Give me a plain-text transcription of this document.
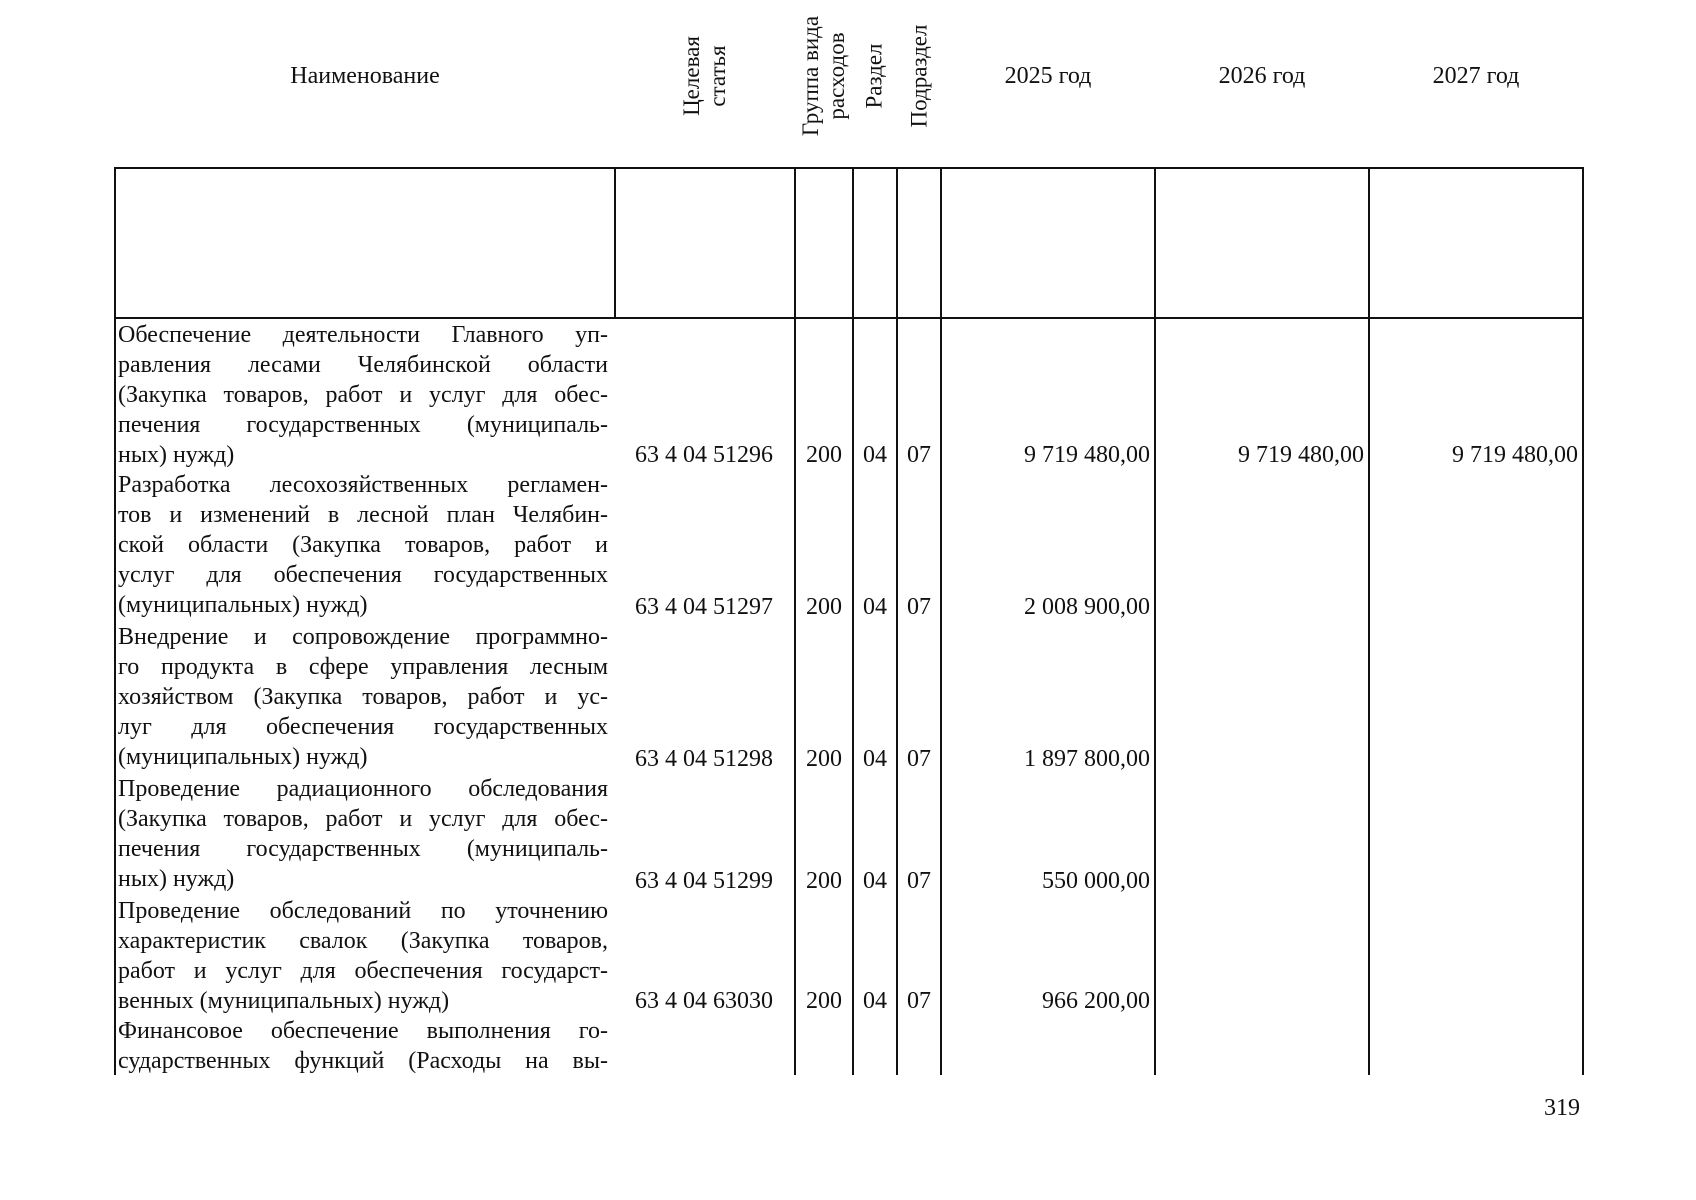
Наименование	Целевая статья	Группа вида расходов Раздел Подраздел	2025 год	2026 год	2027 год
Обеспечение деятельности Главного уп-
равления лесами Челябинской области
(Закупка товаров, работ и услуг для обес-
печения государственных (муниципаль-
ных) нужд)	63 4 04 51296	200 04 07	9 719 480,00	9 719 480,00	9 719 480,00
Разработка лесохозяйственных регламен-
тов и изменений в лесной план Челябин-
ской области (Закупка товаров, работ и
услуг для обеспечения государственных
(муниципальных) нужд)	63 4 04 51297	200 04 07	2 008 900,00
Внедрение и сопровождение программно-
го продукта в сфере управления лесным
хозяйством (Закупка товаров, работ и ус-
луг для обеспечения государственных
(муниципальных) нужд)	63 4 04 51298	200 04 07	1 897 800,00
Проведение радиационного обследования
(Закупка товаров, работ и услуг для обес-
печения государственных (муниципаль-
ных) нужд)	63 4 04 51299	200 04 07	550 000,00
Проведение обследований по уточнению
характеристик свалок (Закупка товаров,
работ и услуг для обеспечения государст-
венных (муниципальных) нужд)	63 4 04 63030	200 04 07	966 200,00
Финансовое обеспечение выполнения го-
сударственных функций (Расходы на вы-
319
